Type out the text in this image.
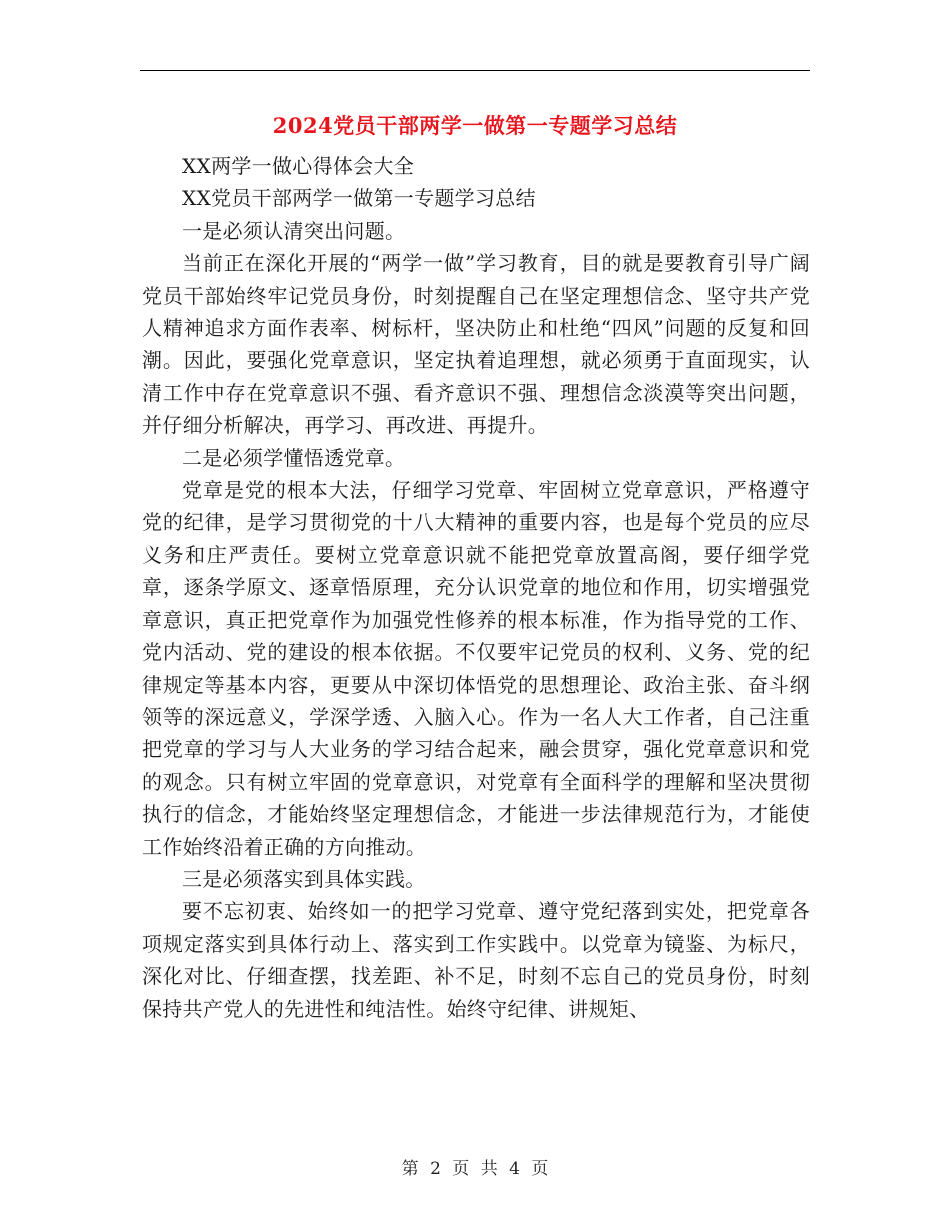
2024党员干部两学一做第一专题学习总结

XX两学一做心得体会大全

XX党员干部两学一做第一专题学习总结

一是必须认清突出问题。

当前正在深化开展的“两学一做”学习教育，目的就是要教育引导广阔党员干部始终牢记党员身份，时刻提醒自己在坚定理想信念、坚守共产党人精神追求方面作表率、树标杆，坚决防止和杜绝“四风”问题的反复和回潮。因此，要强化党章意识，坚定执着追理想，就必须勇于直面现实，认清工作中存在党章意识不强、看齐意识不强、理想信念淡漠等突出问题，并仔细分析解决，再学习、再改进、再提升。

二是必须学懂悟透党章。

党章是党的根本大法，仔细学习党章、牢固树立党章意识，严格遵守党的纪律，是学习贯彻党的十八大精神的重要内容，也是每个党员的应尽义务和庄严责任。要树立党章意识就不能把党章放置高阁，要仔细学党章，逐条学原文、逐章悟原理，充分认识党章的地位和作用，切实增强党章意识，真正把党章作为加强党性修养的根本标准，作为指导党的工作、党内活动、党的建设的根本依据。不仅要牢记党员的权利、义务、党的纪律规定等基本内容，更要从中深切体悟党的思想理论、政治主张、奋斗纲领等的深远意义，学深学透、入脑入心。作为一名人大工作者，自己注重把党章的学习与人大业务的学习结合起来，融会贯穿，强化党章意识和党的观念。只有树立牢固的党章意识，对党章有全面科学的理解和坚决贯彻执行的信念，才能始终坚定理想信念，才能进一步法律规范行为，才能使工作始终沿着正确的方向推动。

三是必须落实到具体实践。

要不忘初衷、始终如一的把学习党章、遵守党纪落到实处，把党章各项规定落实到具体行动上、落实到工作实践中。以党章为镜鉴、为标尺，深化对比、仔细查摆，找差距、补不足，时刻不忘自己的党员身份，时刻保持共产党人的先进性和纯洁性。始终守纪律、讲规矩、

第 2 页 共 4 页
